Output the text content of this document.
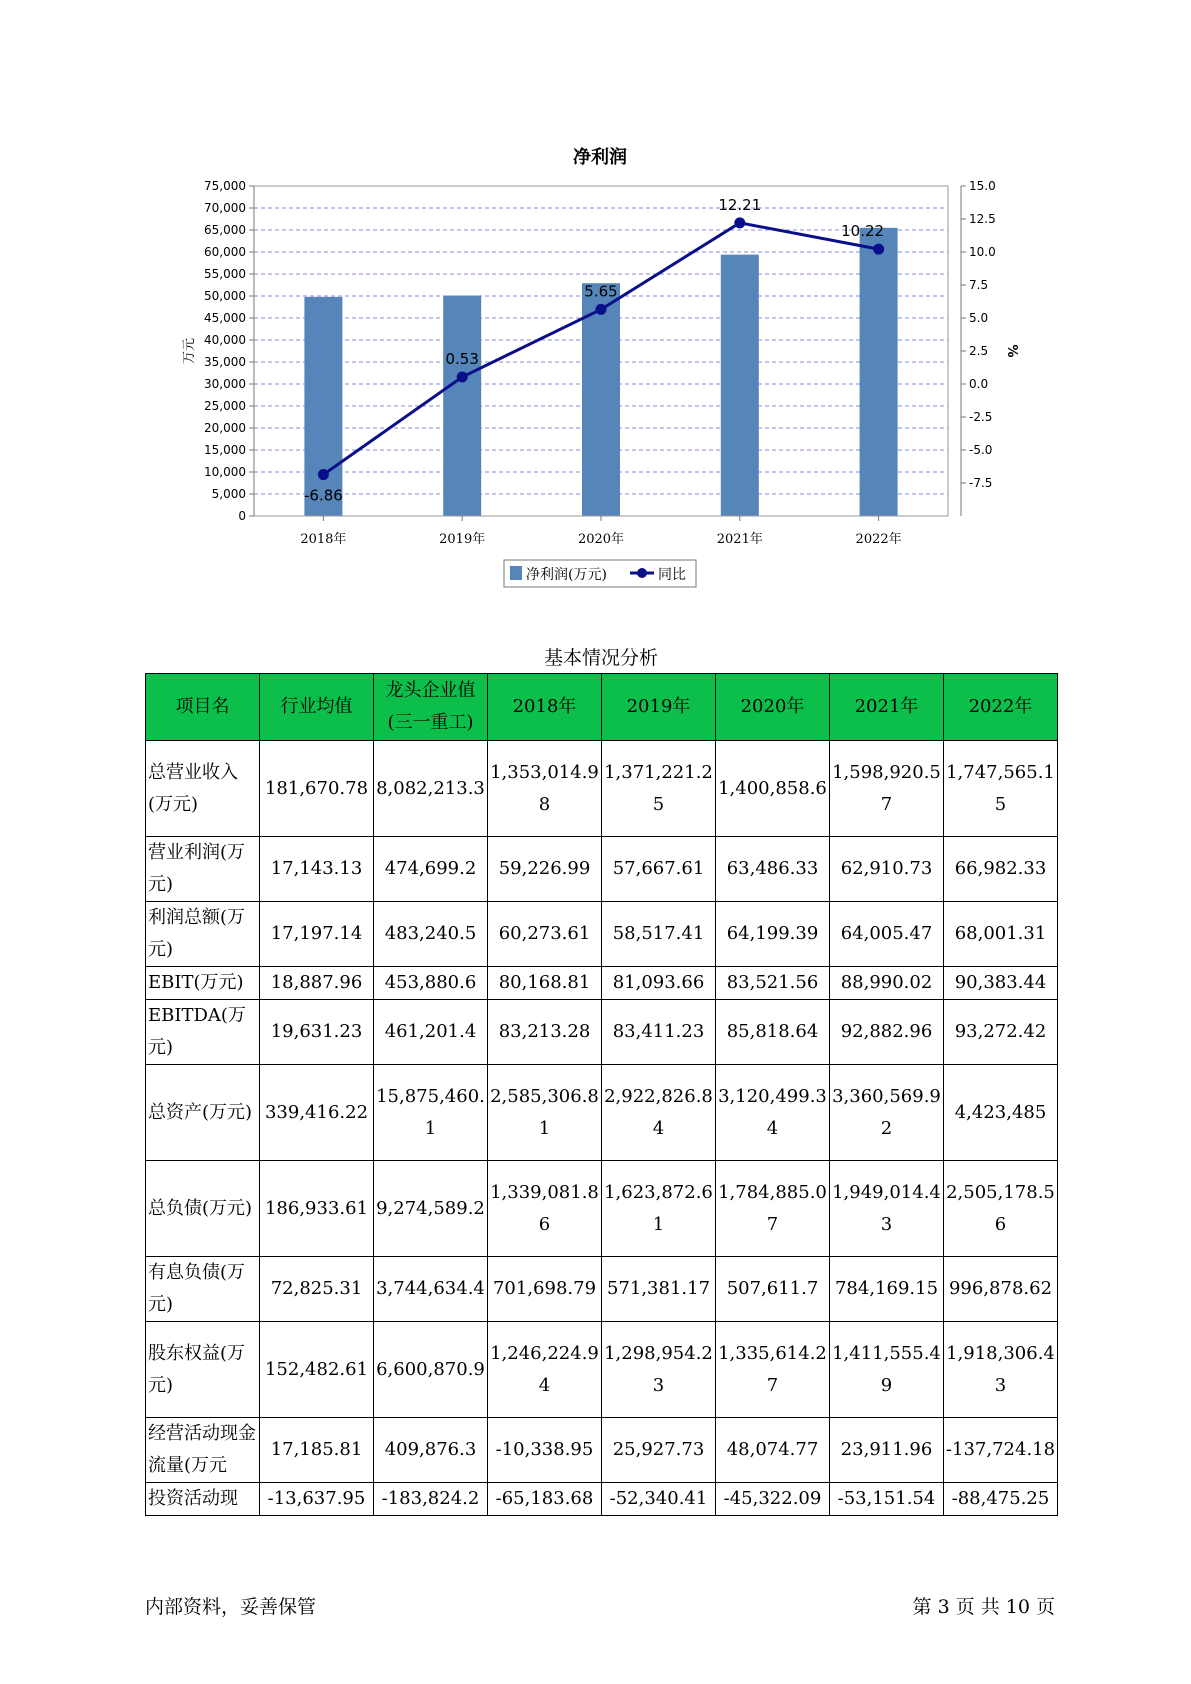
净利润
0
5,000
10,000
15,000
20,000
25,000
30,000
35,000
40,000
45,000
50,000
55,000
60,000
65,000
70,000
75,000
-7.5
-5.0
-2.5
0.0
2.5
5.0
7.5
10.0
12.5
15.0
2018年	2019年	2020年	2021年	2022年
万元	%
-6.86
0.53
5.65
12.21
10.22
净利润(万元)	同比
基本情况分析
项目名	行业均值	龙头企业值(三一重工)	2018年	2019年	2020年	2021年	2022年
总营业收入(万元)	181,670.78	8,082,213.3	1,353,014.98	1,371,221.25	1,400,858.6	1,598,920.57	1,747,565.15
营业利润(万元)	17,143.13	474,699.2	59,226.99	57,667.61	63,486.33	62,910.73	66,982.33
利润总额(万元)	17,197.14	483,240.5	60,273.61	58,517.41	64,199.39	64,005.47	68,001.31
EBIT(万元)	18,887.96	453,880.6	80,168.81	81,093.66	83,521.56	88,990.02	90,383.44
EBITDA(万元)	19,631.23	461,201.4	83,213.28	83,411.23	85,818.64	92,882.96	93,272.42
总资产(万元)	339,416.22	15,875,460.1	2,585,306.81	2,922,826.84	3,120,499.34	3,360,569.92	4,423,485
总负债(万元)	186,933.61	9,274,589.2	1,339,081.86	1,623,872.61	1,784,885.07	1,949,014.43	2,505,178.56
有息负债(万元)	72,825.31	3,744,634.4	701,698.79	571,381.17	507,611.7	784,169.15	996,878.62
股东权益(万元)	152,482.61	6,600,870.9	1,246,224.94	1,298,954.23	1,335,614.27	1,411,555.49	1,918,306.43
经营活动现金流量(万元	17,185.81	409,876.3	-10,338.95	25,927.73	48,074.77	23,911.96	-137,724.18
投资活动现	-13,637.95	-183,824.2	-65,183.68	-52,340.41	-45,322.09	-53,151.54	-88,475.25
内部资料，妥善保管	第 3 页 共 10 页
